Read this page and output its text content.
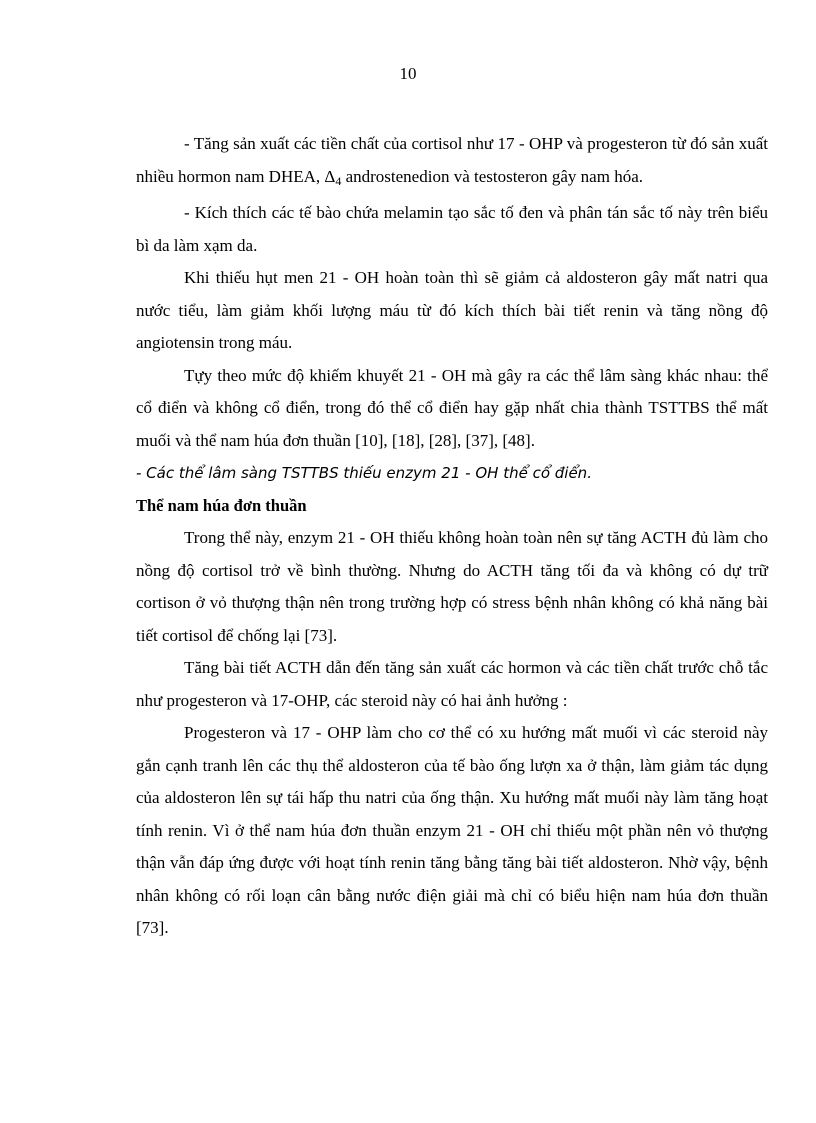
10

- Tăng sản xuất các tiền chất của cortisol như 17 - OHP và progesteron từ đó sản xuất nhiều hormon nam DHEA, Δ4 androstenedion và testosteron gây nam hóa.

- Kích thích các tế bào chứa melamin tạo sắc tố đen và phân tán sắc tố này trên biểu bì da làm xạm da.

Khi thiếu hụt men 21 - OH hoàn toàn thì sẽ giảm cả aldosteron gây mất natri qua nước tiểu, làm giảm khối lượng máu từ đó kích thích bài tiết renin và tăng nồng độ angiotensin trong máu.

Tựy theo mức độ khiếm khuyết 21 - OH mà gây ra các thể lâm sàng khác nhau: thể cổ điển và không cổ điển, trong đó thể cổ điển hay gặp nhất chia thành TSTTBS thể mất muối và thể nam húa đơn thuần [10], [18], [28], [37], [48].

- Các thể lâm sàng TSTTBS thiếu enzym 21 - OH thể cổ điển.

Thể nam húa đơn thuần

Trong thể này, enzym 21 - OH thiếu không hoàn toàn nên sự tăng ACTH đủ làm cho nồng độ cortisol trở về bình thường. Nhưng do ACTH tăng tối đa và không có dự trữ cortison ở vỏ thượng thận nên trong trường hợp có stress bệnh nhân không có khả năng bài tiết cortisol để chống lại [73].

Tăng bài tiết ACTH dẫn đến tăng sản xuất các hormon và các tiền chất trước chỗ tắc như progesteron và 17-OHP, các steroid này có hai ảnh hưởng :

Progesteron và 17 - OHP làm cho cơ thể có xu hướng mất muối vì các steroid này gắn cạnh tranh lên các thụ thể aldosteron của tế bào ống lượn xa ở thận, làm giảm tác dụng của aldosteron lên sự tái hấp thu natri của ống thận. Xu hướng mất muối này làm tăng hoạt tính renin. Vì ở thể nam húa đơn thuần enzym 21 - OH chỉ thiếu một phần nên vỏ thượng thận vẫn đáp ứng được với hoạt tính renin tăng bằng tăng bài tiết aldosteron. Nhờ vậy, bệnh nhân không có rối loạn cân bằng nước điện giải mà chỉ có biểu hiện nam húa đơn thuần [73].
